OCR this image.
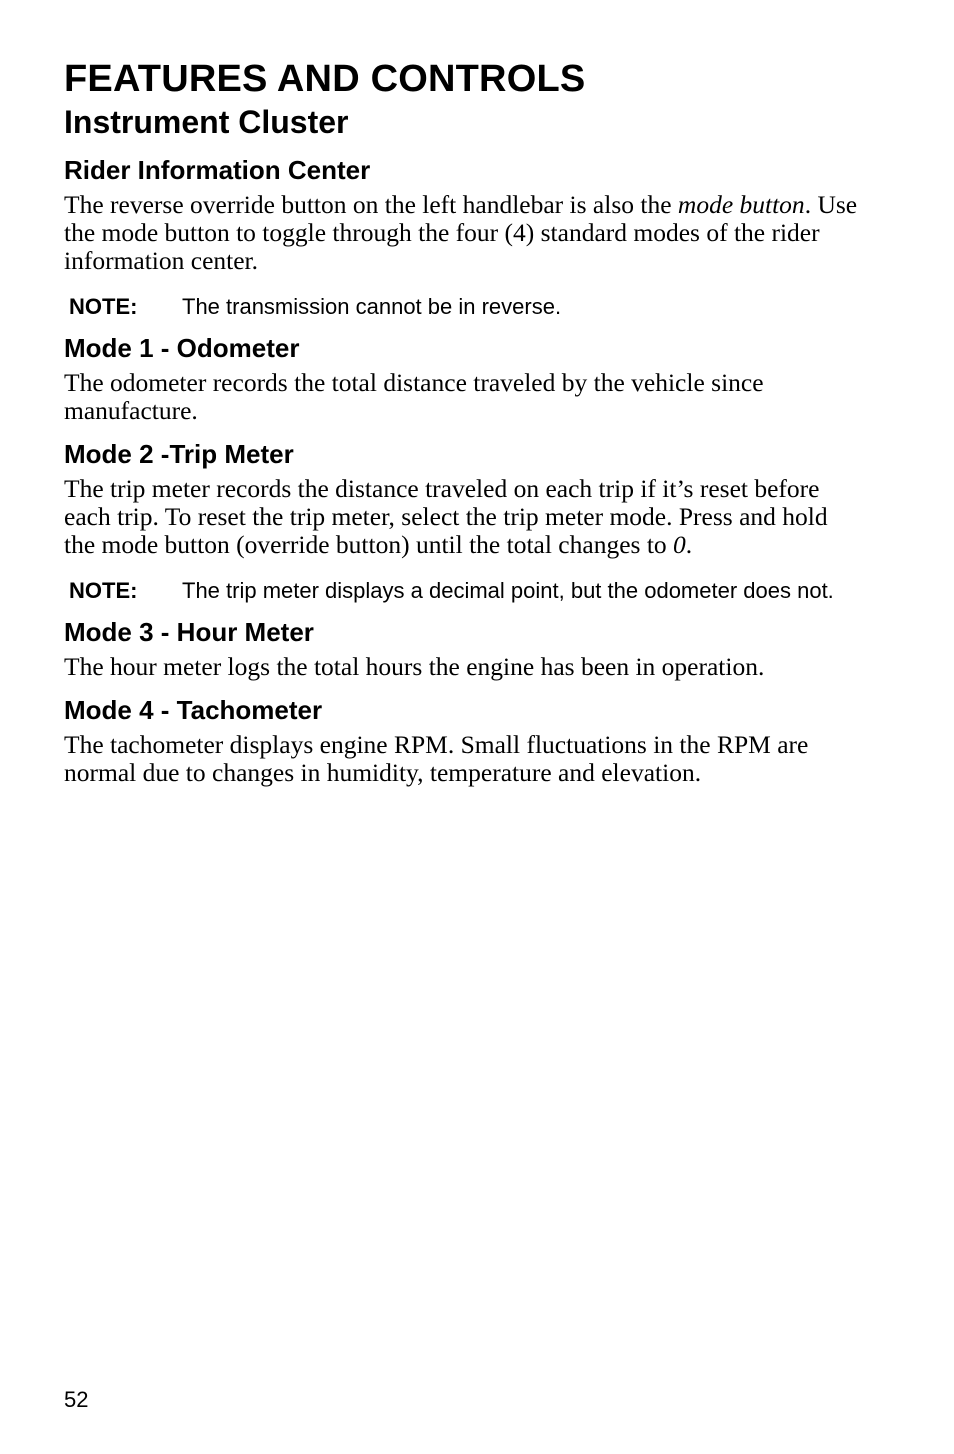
FEATURES AND CONTROLS
Instrument Cluster
Rider Information Center

The reverse override button on the left handlebar is also the mode button. Use the mode button to toggle through the four (4) standard modes of the rider information center.

NOTE:	The transmission cannot be in reverse.
Mode 1 - Odometer

The odometer records the total distance traveled by the vehicle since manufacture.

Mode 2 -Trip Meter

The trip meter records the distance traveled on each trip if it’s reset before each trip. To reset the trip meter, select the trip meter mode. Press and hold the mode button (override button) until the total changes to 0.

NOTE:	The trip meter displays a decimal point, but the odometer does not.
Mode 3 - Hour Meter

The hour meter logs the total hours the engine has been in operation.

Mode 4 - Tachometer

The tachometer displays engine RPM. Small fluctuations in the RPM are normal due to changes in humidity, temperature and elevation.

52
